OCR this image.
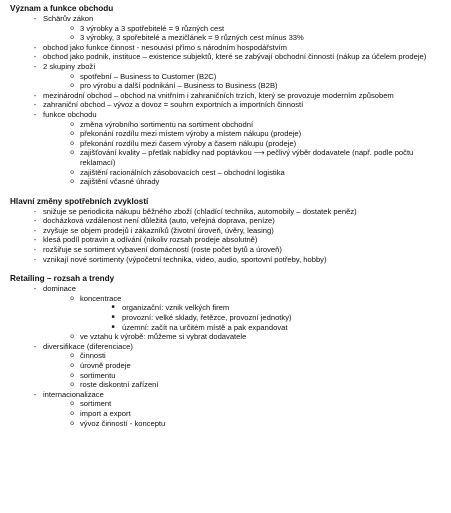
Význam a funkce obchodu
- Schärův zákon
o 3 výrobky a 3 spotřebitelé = 9 různých cest
o 3 výrobky, 3 spořebitelé a mezičlánek = 9 různých cest mínus 33%
- obchod jako funkce činnost - nesouvisí přímo s národním hospodářstvím
- obchod jako podnik, instituce – existence subjektů, které se zabývají obchodní činností (nákup za účelem prodeje)
- 2 skupiny zboží
o spotřební – Business to Customer (B2C)
o pro výrobu a další podnikání – Business to Business (B2B)
- mezinárodní obchod – obchod na vnitřním i zahraničních trzích, který se provozuje moderním způsobem
- zahraniční obchod – vývoz a dovoz = souhrn exportních a importních činností
- funkce obchodu
o změna výrobního sortimentu na sortiment obchodní
o překonání rozdílu mezi místem výroby a místem nákupu (prodeje)
o překonání rozdílu mezi časem výroby a časem nákupu (prodeje)
o zajišťování kvality – přetlak nabídky nad poptávkou ⟶ pečlivý výběr dodavatele (např. podle počtu reklamací)
o zajištění racionálních zásobovacích cest – obchodní logistika
o zajištění včasné úhrady
Hlavní změny spotřebních zvyklostí
- snižuje se periodicita nákupu běžného zboží (chladící technika, automobily – dostatek peněz)
- docházková vzdálenost není důležitá (auto, veřejná doprava, peníze)
- zvyšuje se objem prodejů i zákazníků (životní úroveň, úvěry, leasing)
- klesá podíl potravin a odívání (nikoliv rozsah prodeje absolutně)
- rozšiřuje se sortiment vybavení domácností (roste počet bytů a úroveň)
- vznikají nové sortimenty (výpočetní technika, video, audio, sportovní potřeby, hobby)
Retailing – rozsah a trendy
- dominace
o koncentrace
■ organizační: vznik velkých firem
■ provozní: velké sklady, řetězce, provozní jednotky)
■ územní: začít na určitém místě a pak expandovat
o ve vztahu k výrobě: můžeme si vybrat dodavatele
- diversifikace (diferenciace)
o činnosti
o úrovně prodeje
o sortimentu
o roste diskontní zařízení
- internacionalizace
o sortiment
o import a export
o vývoz činností - konceptu
